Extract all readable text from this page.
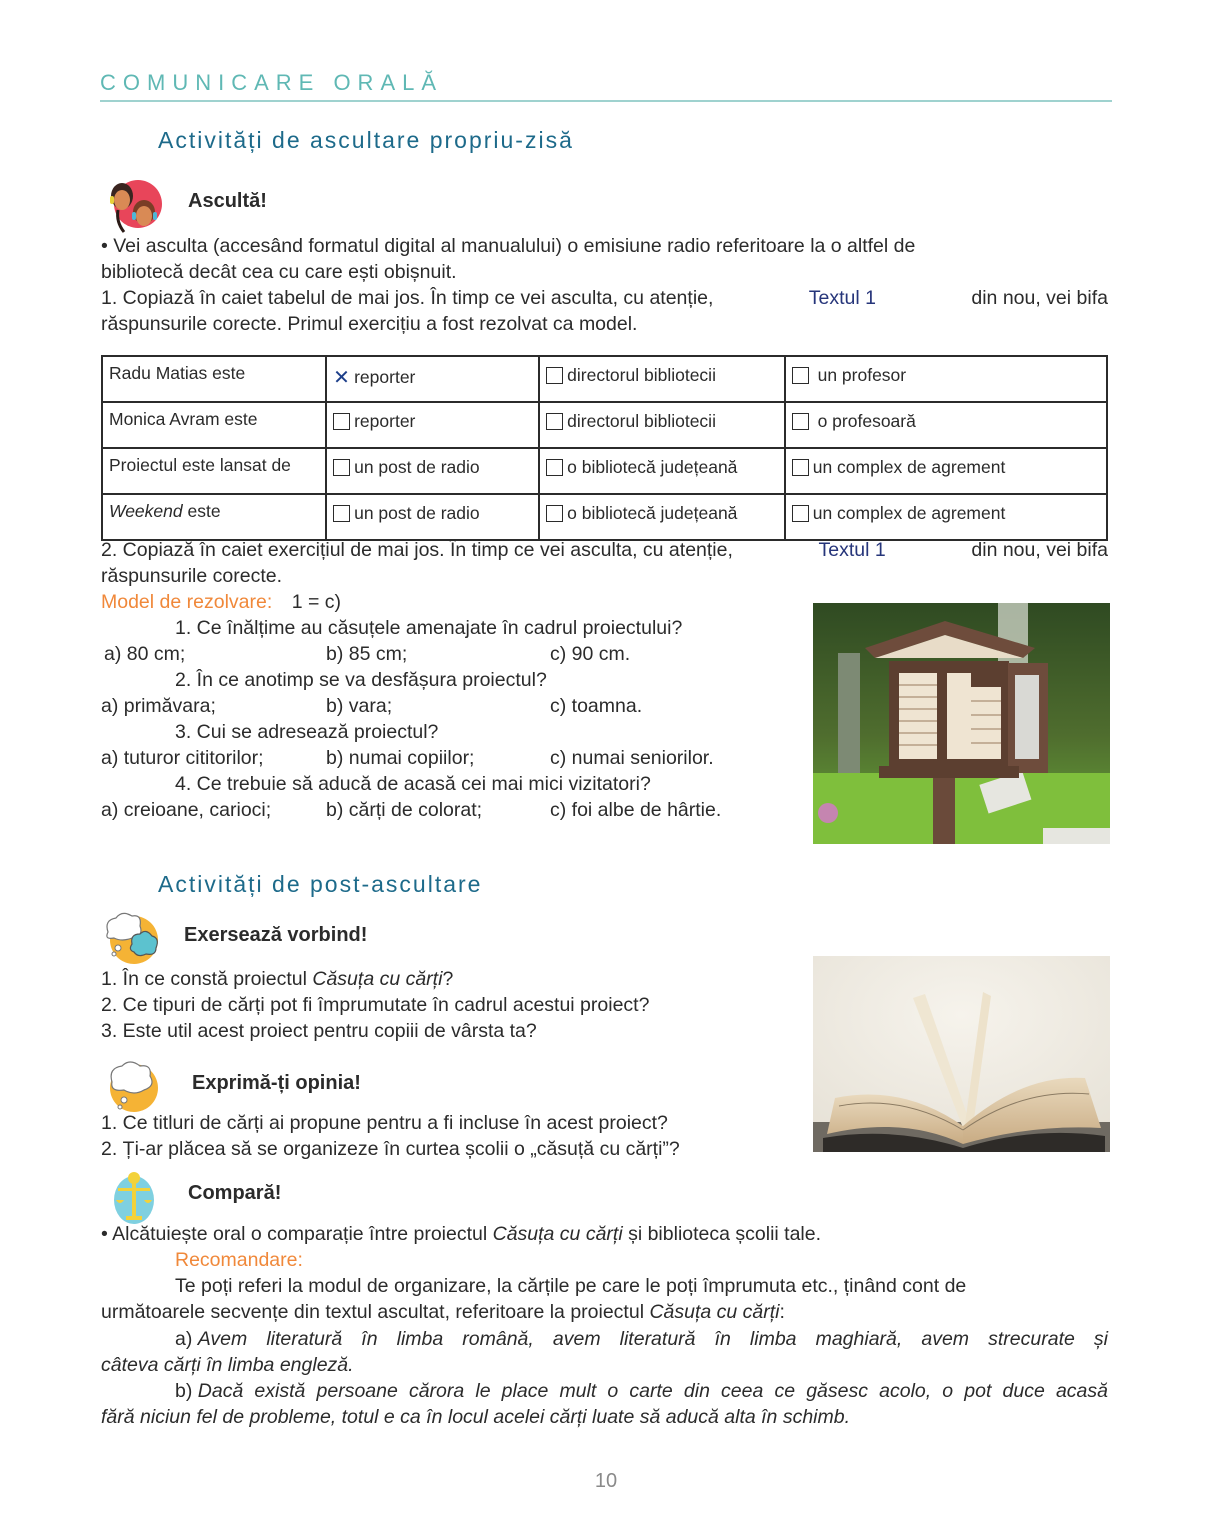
COMUNICARE ORALĂ
Activități de ascultare propriu-zisă
Ascultă!
• Vei asculta (accesând formatul digital al manualului) o emisiune radio referitoare la o altfel de
bibliotecă decât cea cu care ești obișnuit.
1. Copiază în caiet tabelul de mai jos. În timp ce vei asculta, cu atenție,	Textul 1	din nou, vei bifa
răspunsurile corecte. Primul exercițiu a fost rezolvat ca model.
Radu Matias este	✕ reporter	directorul bibliotecii	un profesor
Monica Avram este	reporter	directorul bibliotecii	o profesoară
Proiectul este lansat de	un post de radio	o bibliotecă județeană	un complex de agrement
Weekend este	un post de radio	o bibliotecă județeană	un complex de agrement
2. Copiază în caiet exercițiul de mai jos. În timp ce vei asculta, cu atenție,	Textul 1	din nou, vei bifa
răspunsurile corecte.
Model de rezolvare: 1 = c)
1. Ce înălțime au căsuțele amenajate în cadrul proiectului?
a) 80 cm;	b) 85 cm;	c) 90 cm.
2. În ce anotimp se va desfășura proiectul?
a) primăvara;	b) vara;	c) toamna.
3. Cui se adresează proiectul?
a) tuturor cititorilor;	b) numai copiilor;	c) numai seniorilor.
4. Ce trebuie să aducă de acasă cei mai mici vizitatori?
a) creioane, carioci;	b) cărți de colorat;	c) foi albe de hârtie.
Activități de post-ascultare
Exersează vorbind!
1. În ce constă proiectul Căsuța cu cărți?
2. Ce tipuri de cărți pot fi împrumutate în cadrul acestui proiect?
3. Este util acest proiect pentru copiii de vârsta ta?
Exprimă-ți opinia!
1. Ce titluri de cărți ai propune pentru a fi incluse în acest proiect?
2. Ți-ar plăcea să se organizeze în curtea școlii o „căsuță cu cărți”?
Compară!
• Alcătuiește oral o comparație între proiectul Căsuța cu cărți și biblioteca școlii tale.
Recomandare:
Te poți referi la modul de organizare, la cărțile pe care le poți împrumuta etc., ținând cont de
următoarele secvențe din textul ascultat, referitoare la proiectul Căsuța cu cărți:
a) Avem literatură în limba română, avem literatură în limba maghiară, avem strecurate și
câteva cărți în limba engleză.
b) Dacă există persoane cărora le place mult o carte din ceea ce găsesc acolo, o pot duce acasă
fără niciun fel de probleme, totul e ca în locul acelei cărți luate să aducă alta în schimb.
10
